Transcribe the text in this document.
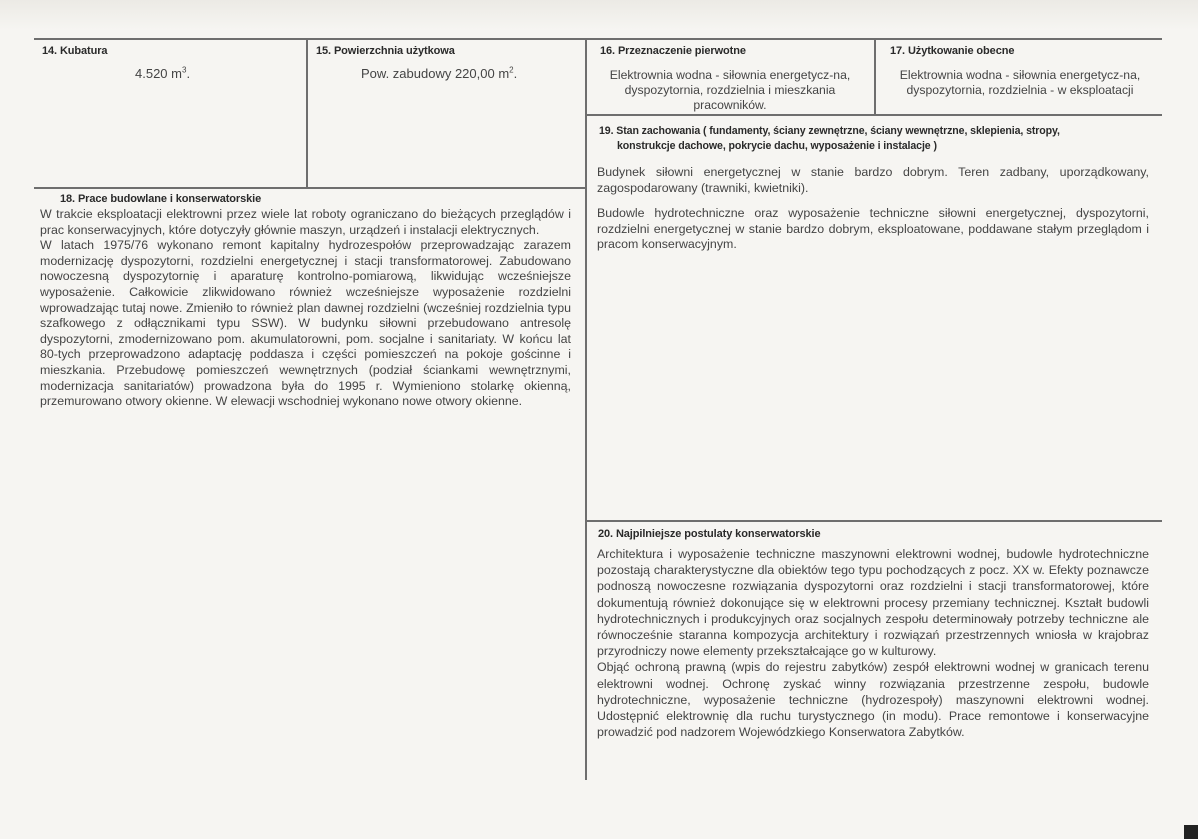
14. Kubatura
4.520 $m^3$.
15. Powierzchnia użytkowa
Pow. zabudowy 220,00 $m^2$.
16. Przeznaczenie pierwotne
Elektrownia wodna - siłownia energetycz-na, dyspozytornia, rozdzielnia i mieszkania pracowników.
17. Użytkowanie obecne
Elektrownia wodna - siłownia energetycz-na, dyspozytornia, rozdzielnia - w eksploatacji
18. Prace budowlane i konserwatorskie
W trakcie eksploatacji elektrowni przez wiele lat roboty ograniczano do bieżących przeglądów i prac konserwacyjnych, które dotyczyły głównie maszyn, urządzeń i instalacji elektrycznych.
W latach 1975/76 wykonano remont kapitalny hydrozespołów przeprowadzając zarazem modernizację dyspozytorni, rozdzielni energetycznej i stacji transformatorowej. Zabudowano nowoczesną dyspozytornię i aparaturę kontrolno-pomiarową, likwidując wcześniejsze wyposażenie. Całkowicie zlikwidowano również wcześniejsze wyposażenie rozdzielni wprowadzając tutaj nowe. Zmieniło to również plan dawnej rozdzielni (wcześniej rozdzielnia typu szafkowego z odłącznikami typu SSW). W budynku siłowni przebudowano antresolę dyspozytorni, zmodernizowano pom. akumulatorowni, pom. socjalne i sanitariaty. W końcu lat 80-tych przeprowadzono adaptację poddasza i części pomieszczeń na pokoje gościnne i mieszkania. Przebudowę pomieszczeń wewnętrznych (podział ściankami wewnętrznymi, modernizacja sanitariatów) prowadzona była do 1995 r. Wymieniono stolarkę okienną, przemurowano otwory okienne. W elewacji wschodniej wykonano nowe otwory okienne.
19. Stan zachowania ( fundamenty, ściany zewnętrzne, ściany wewnętrzne, sklepienia, stropy,
konstrukcje dachowe, pokrycie dachu, wyposażenie i instalacje )
Budynek siłowni energetycznej w stanie bardzo dobrym. Teren zadbany, uporządkowany, zagospodarowany (trawniki, kwietniki).
Budowle hydrotechniczne oraz wyposażenie techniczne siłowni energetycznej, dyspozytorni, rozdzielni energetycznej w stanie bardzo dobrym, eksploatowane, poddawane stałym przeglądom i pracom konserwacyjnym.
20. Najpilniejsze postulaty konserwatorskie
Architektura i wyposażenie techniczne maszynowni elektrowni wodnej, budowle hydrotechniczne pozostają charakterystyczne dla obiektów tego typu pochodzących z pocz. XX w. Efekty poznawcze podnoszą nowoczesne rozwiązania dyspozytorni oraz rozdzielni i stacji transformatorowej, które dokumentują również dokonujące się w elektrowni procesy przemiany technicznej. Kształt budowli hydrotechnicznych i produkcyjnych oraz socjalnych zespołu determinowały potrzeby techniczne ale równocześnie staranna kompozycja architektury i rozwiązań przestrzennych wniosła w krajobraz przyrodniczy nowe elementy przekształcające go w kulturowy.
Objąć ochroną prawną (wpis do rejestru zabytków) zespół elektrowni wodnej w granicach terenu elektrowni wodnej. Ochronę zyskać winny rozwiązania przestrzenne zespołu, budowle hydrotechniczne, wyposażenie techniczne (hydrozespoły) maszynowni elektrowni wodnej. Udostępnić elektrownię dla ruchu turystycznego (in modu). Prace remontowe i konserwacyjne prowadzić pod nadzorem Wojewódzkiego Konserwatora Zabytków.
